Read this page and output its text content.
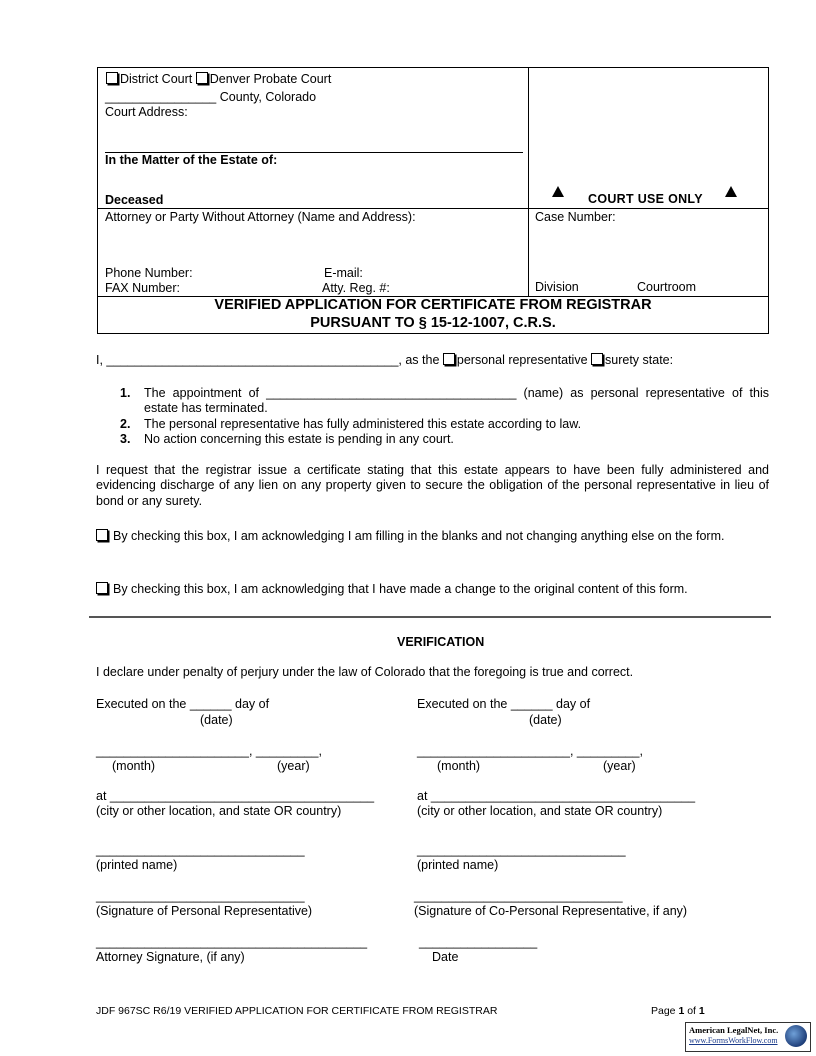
District Court Denver Probate Court
________________ County, Colorado
Court Address:
In the Matter of the Estate of:
Deceased	COURT USE ONLY
Attorney or Party Without Attorney (Name and Address):	Case Number:
Phone Number:	E-mail:
FAX Number:	Atty. Reg. #:	Division	Courtroom
VERIFIED APPLICATION FOR CERTIFICATE FROM REGISTRAR
PURSUANT TO § 15-12-1007, C.R.S.
I, __________________________________________, as the personal representative surety state:
1. The appointment of ____________________________________ (name) as personal representative of this estate has terminated.
2. The personal representative has fully administered this estate according to law.
3. No action concerning this estate is pending in any court.
I request that the registrar issue a certificate stating that this estate appears to have been fully administered and evidencing discharge of any lien on any property given to secure the obligation of the personal representative in lieu of bond or any surety.
By checking this box, I am acknowledging I am filling in the blanks and not changing anything else on the form.
By checking this box, I am acknowledging that I have made a change to the original content of this form.
VERIFICATION
I declare under penalty of perjury under the law of Colorado that the foregoing is true and correct.
Executed on the ______ day of
(date)
______________________, _________,
(month)	(year)
at ______________________________________
(city or other location, and state OR country)
______________________________
(printed name)
______________________________
(Signature of Personal Representative)
_______________________________________
Attorney Signature, (if any)
Executed on the ______ day of
(date)
______________________, _________,
(month)	(year)
at ______________________________________
(city or other location, and state OR country)
______________________________
(printed name)
______________________________
(Signature of Co-Personal Representative, if any)
_________________
Date
JDF 967SC R6/19 VERIFIED APPLICATION FOR CERTIFICATE FROM REGISTRAR	Page 1 of 1
American LegalNet, Inc.
www.FormsWorkFlow.com
